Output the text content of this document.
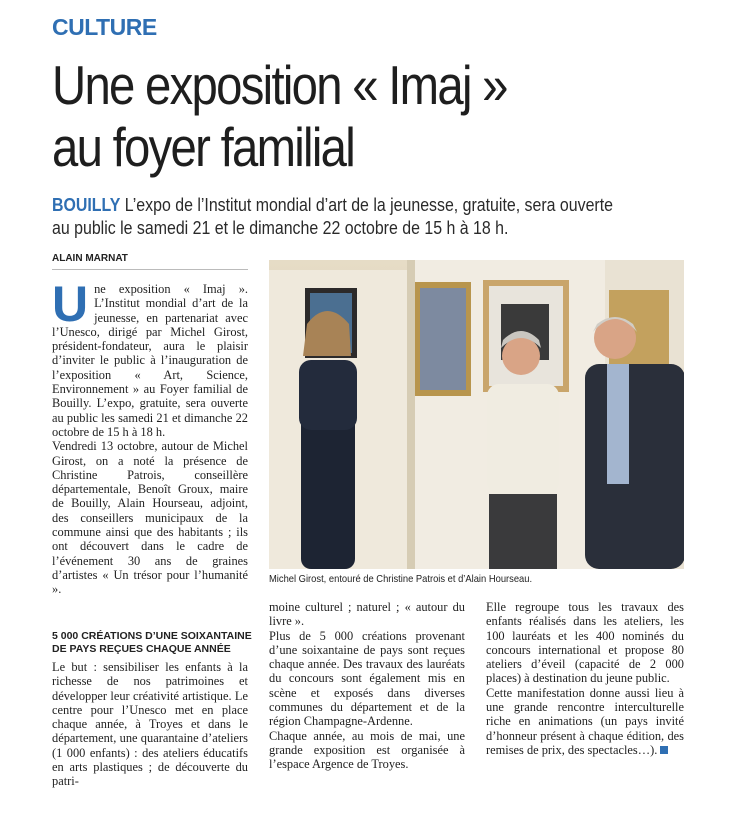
CULTURE
Une exposition « Imaj »
au foyer familial
BOUILLY L’expo de l’Institut mondial d’art de la jeunesse, gratuite, sera ouverte
au public le samedi 21 et le dimanche 22 octobre de 15 h à 18 h.
ALAIN MARNAT

Une exposition « Imaj ». L’Institut mondial d’art de la jeunesse, en partenariat avec l’Unesco, dirigé par Michel Girost, président-fondateur, aura le plaisir d’inviter le public à l’inauguration de l’exposition « Art, Science, Environnement » au Foyer familial de Bouilly. L’expo, gratuite, sera ouverte au public les samedi 21 et dimanche 22 octobre de 15 h à 18 h.

Vendredi 13 octobre, autour de Michel Girost, on a noté la présence de Christine Patrois, conseillère départementale, Benoît Groux, maire de Bouilly, Alain Hourseau, adjoint, des conseillers municipaux de la commune ainsi que des habitants ; ils ont découvert dans le cadre de l’événement 30 ans de graines d’artistes « Un trésor pour l’humanité ».

5 000 CRÉATIONS D’UNE SOIXANTAINE DE PAYS REÇUES CHAQUE ANNÉE

Le but : sensibiliser les enfants à la richesse de nos patrimoines et développer leur créativité artistique. Le centre pour l’Unesco met en place chaque année, à Troyes et dans le département, une quarantaine d’ateliers (1 000 enfants) : des ateliers éducatifs en arts plastiques ; de découverte du patri-

Michel Girost, entouré de Christine Patrois et d’Alain Hourseau.

moine culturel ; naturel ; « autour du livre ».

Plus de 5 000 créations provenant d’une soixantaine de pays sont reçues chaque année. Des travaux des lauréats du concours sont également mis en scène et exposés dans diverses communes du département et de la région Champagne-Ardenne.

Chaque année, au mois de mai, une grande exposition est organisée à l’espace Argence de Troyes.

Elle regroupe tous les travaux des enfants réalisés dans les ateliers, les 100 lauréats et les 400 nominés du concours international et propose 80 ateliers d’éveil (capacité de 2 000 places) à destination du jeune public.

Cette manifestation donne aussi lieu à une grande rencontre interculturelle riche en animations (un pays invité d’honneur présent à chaque édition, des remises de prix, des spectacles…).
